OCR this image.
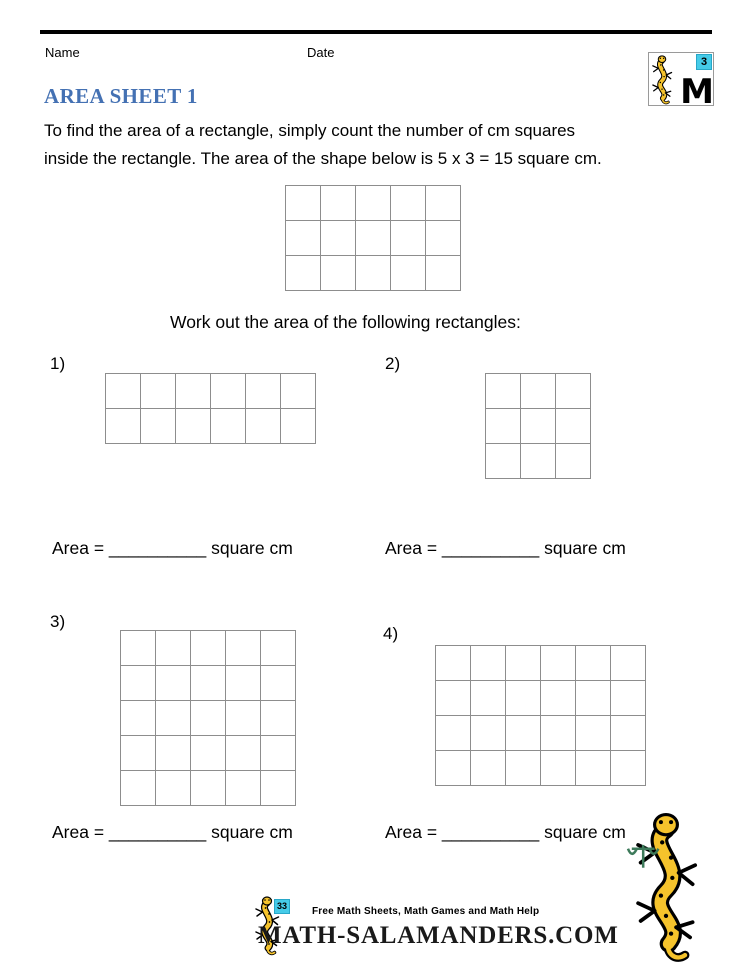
Name	Date
3
M
AREA SHEET 1
To find the area of a rectangle, simply count the number of cm squares
inside the rectangle. The area of the shape below is 5 x 3 = 15 square cm.
Work out the area of the following rectangles:
1)	2)
Area = __________ square cm	Area = __________ square cm
3)
4)
Area = __________ square cm	Area = __________ square cm
33	Free Math Sheets, Math Games and Math Help
MATH-SALAMANDERS.COM
